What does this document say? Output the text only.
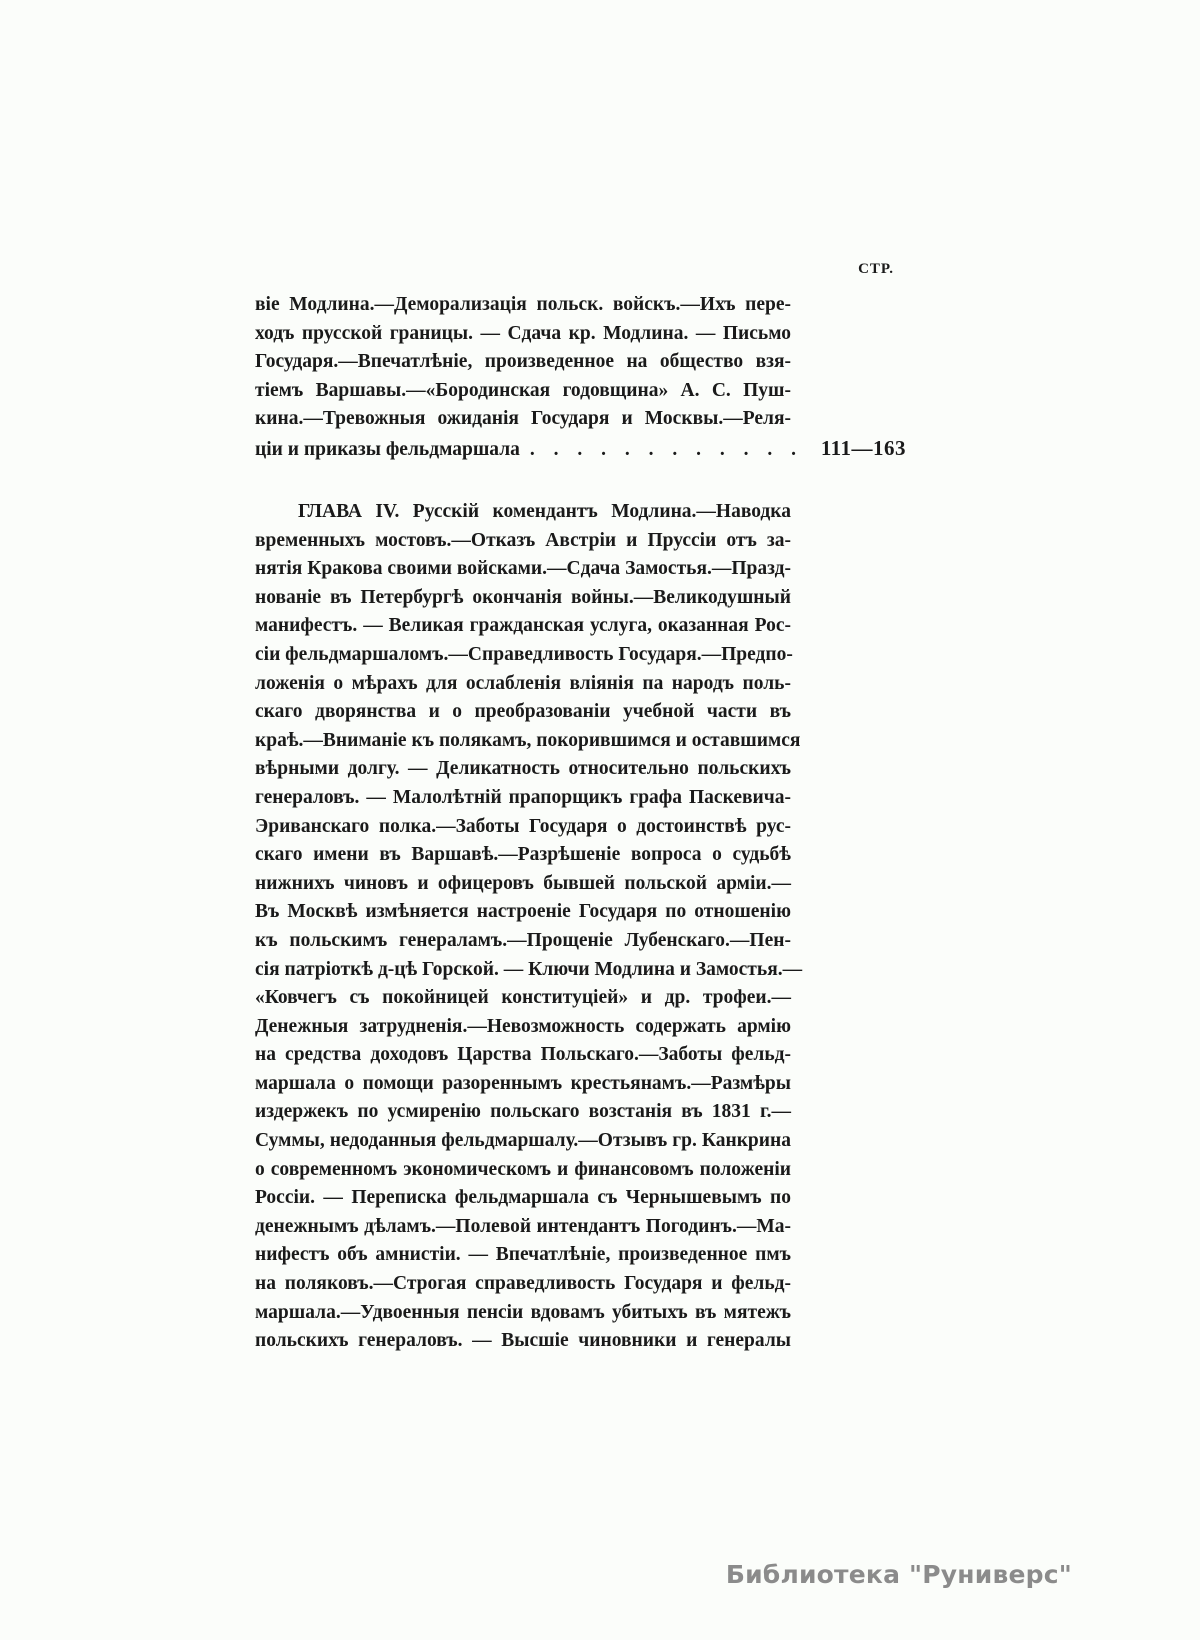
СТР.
віе Модлина.—Деморализація польск. войскъ.—Ихъ пере-
ходъ прусской границы. — Сдача кр. Модлина. — Письмо
Государя.—Впечатлѣніе, произведенное на общество взя-
тіемъ Варшавы.—«Бородинская годовщина» А. С. Пуш-
кина.—Тревожныя ожиданія Государя и Москвы.—Реля-
ціи и приказы фельдмаршала . . . . . . . . . . . .	111—163
ГЛАВА IV. Русскій комендантъ Модлина.—Наводка
временныхъ мостовъ.—Отказъ Австріи и Пруссіи отъ за-
нятія Кракова своими войсками.—Сдача Замостья.—Празд-
нованіе въ Петербургѣ окончанія войны.—Великодушный
манифестъ. — Великая гражданская услуга, оказанная Рос-
сіи фельдмаршаломъ.—Справедливость Государя.—Предпо-
ложенія о мѣрахъ для ослабленія вліянія па народъ поль-
скаго дворянства и о преобразованіи учебной части въ
краѣ.—Вниманіе къ полякамъ, покорившимся и оставшимся
вѣрными долгу. — Деликатность относительно польскихъ
генераловъ. — Малолѣтній прапорщикъ графа Паскевича-
Эриванскаго полка.—Заботы Государя о достоинствѣ рус-
скаго имени въ Варшавѣ.—Разрѣшеніе вопроса о судьбѣ
нижнихъ чиновъ и офицеровъ бывшей польской арміи.—
Въ Москвѣ измѣняется настроеніе Государя по отношенію
къ польскимъ генераламъ.—Прощеніе Лубенскаго.—Пен-
сія патріоткѣ д-цѣ Горской. — Ключи Модлина и Замостья.—
«Ковчегъ съ покойницей конституціей» и др. трофеи.—
Денежныя затрудненія.—Невозможность содержать армію
на средства доходовъ Царства Польскаго.—Заботы фельд-
маршала о помощи разореннымъ крестьянамъ.—Размѣры
издержекъ по усмиренію польскаго возстанія въ 1831 г.—
Суммы, недоданныя фельдмаршалу.—Отзывъ гр. Канкрина
о современномъ экономическомъ и финансовомъ положеніи
Россіи. — Переписка фельдмаршала съ Чернышевымъ по
денежнымъ дѣламъ.—Полевой интендантъ Погодинъ.—Ма-
нифестъ объ амнистіи. — Впечатлѣніе, произведенное пмъ
на поляковъ.—Строгая справедливость Государя и фельд-
маршала.—Удвоенныя пенсіи вдовамъ убитыхъ въ мятежъ
польскихъ генераловъ. — Высшіе чиновники и генералы
Библиотека "Руниверс"
